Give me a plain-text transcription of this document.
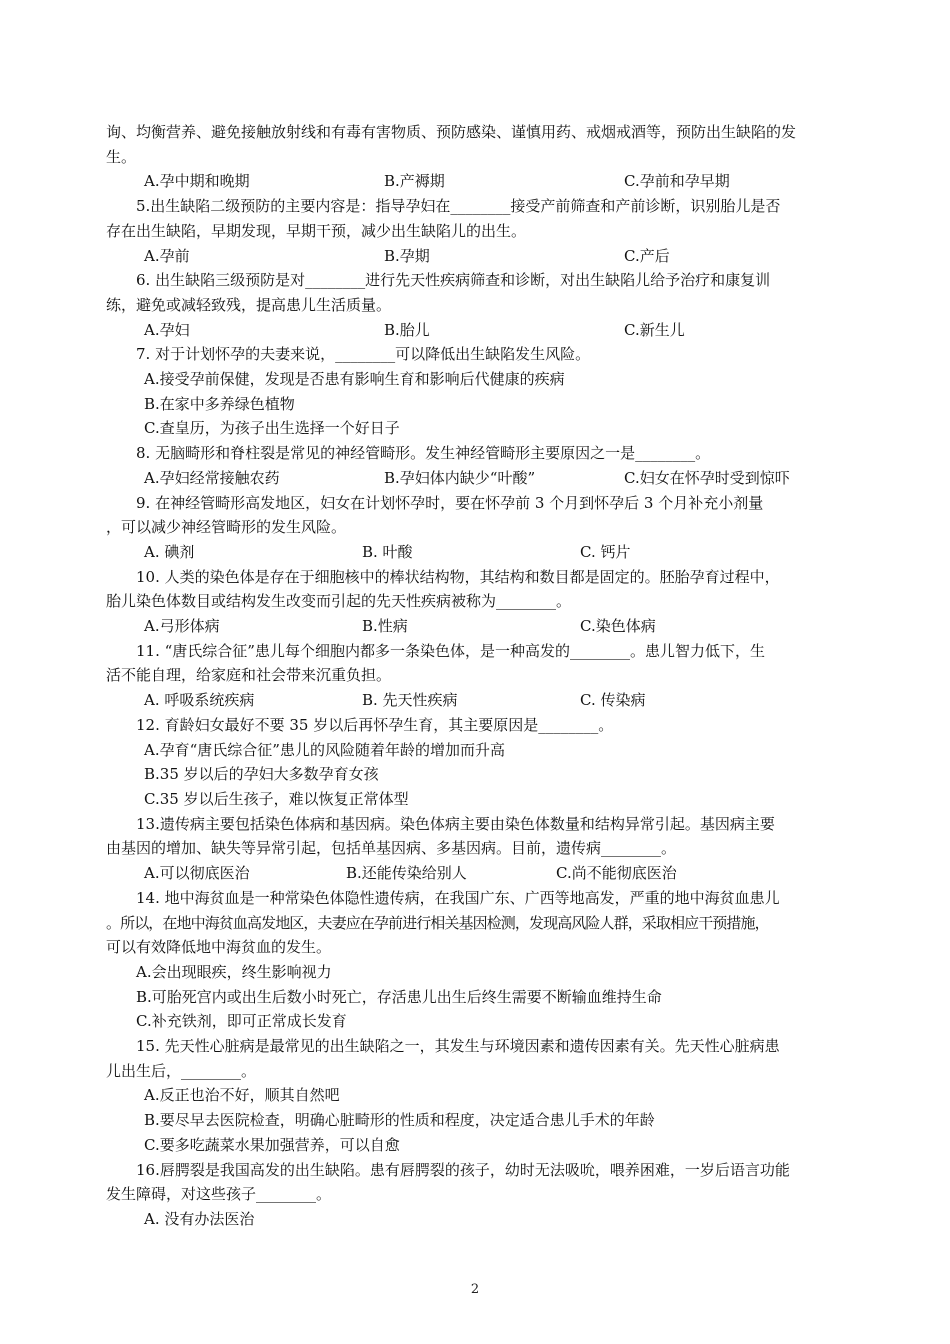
询、均衡营养、避免接触放射线和有毒有害物质、预防感染、谨慎用药、戒烟戒酒等，预防出生缺陷的发

生。

A.孕中期和晚期	B.产褥期	C.孕前和孕早期

5.出生缺陷二级预防的主要内容是：指导孕妇在________接受产前筛查和产前诊断，识别胎儿是否

存在出生缺陷，早期发现，早期干预，减少出生缺陷儿的出生。

A.孕前	B.孕期	C.产后

6. 出生缺陷三级预防是对________进行先天性疾病筛查和诊断，对出生缺陷儿给予治疗和康复训

练，避免或减轻致残，提高患儿生活质量。

A.孕妇	B.胎儿	C.新生儿

7. 对于计划怀孕的夫妻来说，________可以降低出生缺陷发生风险。

A.接受孕前保健，发现是否患有影响生育和影响后代健康的疾病

B.在家中多养绿色植物

C.查皇历，为孩子出生选择一个好日子

8. 无脑畸形和脊柱裂是常见的神经管畸形。发生神经管畸形主要原因之一是________。

A.孕妇经常接触农药	B.孕妇体内缺少“叶酸”	C.妇女在怀孕时受到惊吓

9. 在神经管畸形高发地区，妇女在计划怀孕时，要在怀孕前 3 个月到怀孕后 3 个月补充小剂量

，可以减少神经管畸形的发生风险。

A. 碘剂	B. 叶酸	C. 钙片

10. 人类的染色体是存在于细胞核中的棒状结构物，其结构和数目都是固定的。胚胎孕育过程中，

胎儿染色体数目或结构发生改变而引起的先天性疾病被称为________。

A.弓形体病	B.性病	C.染色体病

11. “唐氏综合征”患儿每个细胞内都多一条染色体，是一种高发的________。患儿智力低下，生

活不能自理，给家庭和社会带来沉重负担。

A. 呼吸系统疾病	B. 先天性疾病	C. 传染病

12. 育龄妇女最好不要 35 岁以后再怀孕生育，其主要原因是________。

A.孕育“唐氏综合征”患儿的风险随着年龄的增加而升高

B.35 岁以后的孕妇大多数孕育女孩

C.35 岁以后生孩子，难以恢复正常体型

13.遗传病主要包括染色体病和基因病。染色体病主要由染色体数量和结构异常引起。基因病主要

由基因的增加、缺失等异常引起，包括单基因病、多基因病。目前，遗传病________。

A.可以彻底医治	B.还能传染给别人	C.尚不能彻底医治

14. 地中海贫血是一种常染色体隐性遗传病，在我国广东、广西等地高发，严重的地中海贫血患儿

。所以，在地中海贫血高发地区，夫妻应在孕前进行相关基因检测，发现高风险人群，采取相应干预措施，

可以有效降低地中海贫血的发生。

A.会出现眼疾，终生影响视力

B.可胎死宫内或出生后数小时死亡，存活患儿出生后终生需要不断输血维持生命

C.补充铁剂，即可正常成长发育

15. 先天性心脏病是最常见的出生缺陷之一，其发生与环境因素和遗传因素有关。先天性心脏病患

儿出生后，________。

A.反正也治不好，顺其自然吧

B.要尽早去医院检查，明确心脏畸形的性质和程度，决定适合患儿手术的年龄

C.要多吃蔬菜水果加强营养，可以自愈

16.唇腭裂是我国高发的出生缺陷。患有唇腭裂的孩子，幼时无法吸吮，喂养困难，一岁后语言功能

发生障碍，对这些孩子________。

A. 没有办法医治

2
